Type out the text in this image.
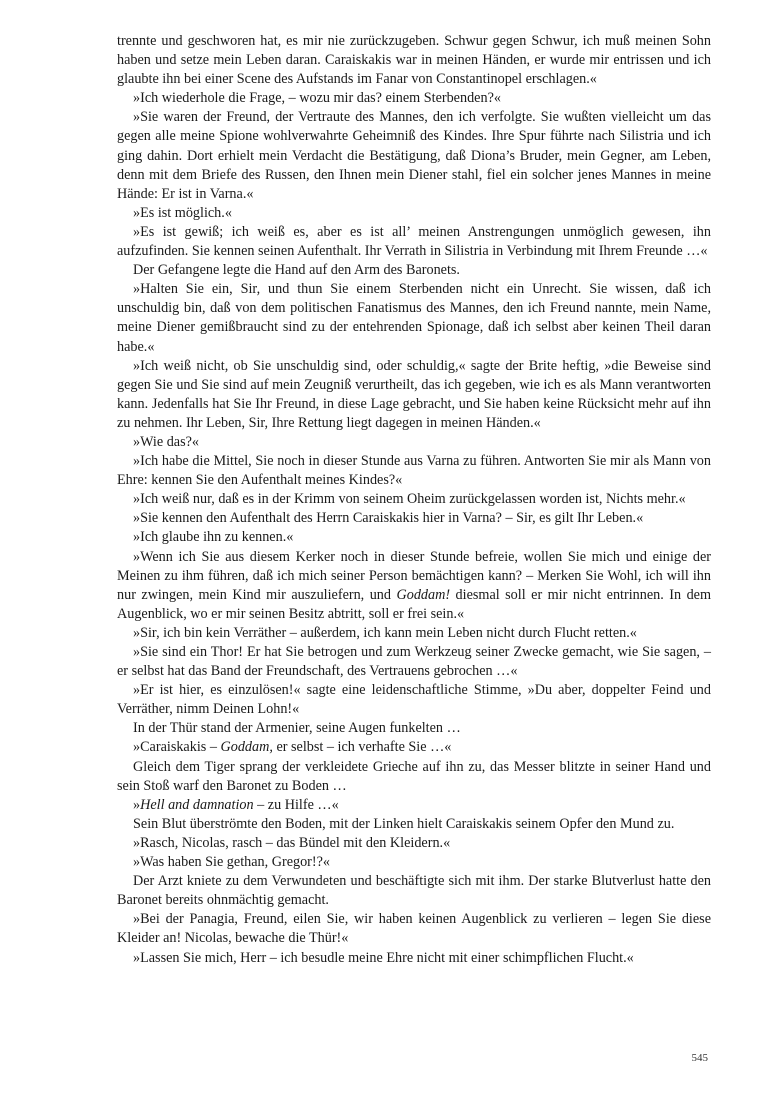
trennte und geschworen hat, es mir nie zurückzugeben. Schwur gegen Schwur, ich muß meinen Sohn haben und setze mein Leben daran. Caraiskakis war in meinen Händen, er wurde mir entrissen und ich glaubte ihn bei einer Scene des Aufstands im Fanar von Constantinopel erschlagen.«

»Ich wiederhole die Frage, – wozu mir das? einem Sterbenden?«

»Sie waren der Freund, der Vertraute des Mannes, den ich verfolgte. Sie wußten vielleicht um das gegen alle meine Spione wohlverwahrte Geheimniß des Kindes. Ihre Spur führte nach Silistria und ich ging dahin. Dort erhielt mein Verdacht die Bestätigung, daß Diona’s Bruder, mein Gegner, am Leben, denn mit dem Briefe des Russen, den Ihnen mein Diener stahl, fiel ein solcher jenes Mannes in meine Hände: Er ist in Varna.«

»Es ist möglich.«

»Es ist gewiß; ich weiß es, aber es ist all’ meinen Anstrengungen unmöglich gewesen, ihn aufzufinden. Sie kennen seinen Aufenthalt. Ihr Verrath in Silistria in Verbindung mit Ihrem Freunde …«

Der Gefangene legte die Hand auf den Arm des Baronets.

»Halten Sie ein, Sir, und thun Sie einem Sterbenden nicht ein Unrecht. Sie wissen, daß ich unschuldig bin, daß von dem politischen Fanatismus des Mannes, den ich Freund nannte, mein Name, meine Diener gemißbraucht sind zu der entehrenden Spionage, daß ich selbst aber keinen Theil daran habe.«

»Ich weiß nicht, ob Sie unschuldig sind, oder schuldig,« sagte der Brite heftig, »die Beweise sind gegen Sie und Sie sind auf mein Zeugniß verurtheilt, das ich gegeben, wie ich es als Mann verantworten kann. Jedenfalls hat Sie Ihr Freund, in diese Lage gebracht, und Sie haben keine Rücksicht mehr auf ihn zu nehmen. Ihr Leben, Sir, Ihre Rettung liegt dagegen in meinen Händen.«

»Wie das?«

»Ich habe die Mittel, Sie noch in dieser Stunde aus Varna zu führen. Antworten Sie mir als Mann von Ehre: kennen Sie den Aufenthalt meines Kindes?«

»Ich weiß nur, daß es in der Krimm von seinem Oheim zurückgelassen worden ist, Nichts mehr.«

»Sie kennen den Aufenthalt des Herrn Caraiskakis hier in Varna? – Sir, es gilt Ihr Leben.«

»Ich glaube ihn zu kennen.«

»Wenn ich Sie aus diesem Kerker noch in dieser Stunde befreie, wollen Sie mich und einige der Meinen zu ihm führen, daß ich mich seiner Person bemächtigen kann? – Merken Sie Wohl, ich will ihn nur zwingen, mein Kind mir auszuliefern, und Goddam! diesmal soll er mir nicht entrinnen. In dem Augenblick, wo er mir seinen Besitz abtritt, soll er frei sein.«

»Sir, ich bin kein Verräther – außerdem, ich kann mein Leben nicht durch Flucht retten.«

»Sie sind ein Thor! Er hat Sie betrogen und zum Werkzeug seiner Zwecke gemacht, wie Sie sagen, – er selbst hat das Band der Freundschaft, des Vertrauens gebrochen …«

»Er ist hier, es einzulösen!« sagte eine leidenschaftliche Stimme, »Du aber, doppelter Feind und Verräther, nimm Deinen Lohn!«

In der Thür stand der Armenier, seine Augen funkelten …

»Caraiskakis – Goddam, er selbst – ich verhafte Sie …«

Gleich dem Tiger sprang der verkleidete Grieche auf ihn zu, das Messer blitzte in seiner Hand und sein Stoß warf den Baronet zu Boden …

»Hell and damnation – zu Hilfe …«

Sein Blut überströmte den Boden, mit der Linken hielt Caraiskakis seinem Opfer den Mund zu.

»Rasch, Nicolas, rasch – das Bündel mit den Kleidern.«

»Was haben Sie gethan, Gregor!?«

Der Arzt kniete zu dem Verwundeten und beschäftigte sich mit ihm. Der starke Blutverlust hatte den Baronet bereits ohnmächtig gemacht.

»Bei der Panagia, Freund, eilen Sie, wir haben keinen Augenblick zu verlieren – legen Sie diese Kleider an! Nicolas, bewache die Thür!«

»Lassen Sie mich, Herr – ich besudle meine Ehre nicht mit einer schimpflichen Flucht.«

545
